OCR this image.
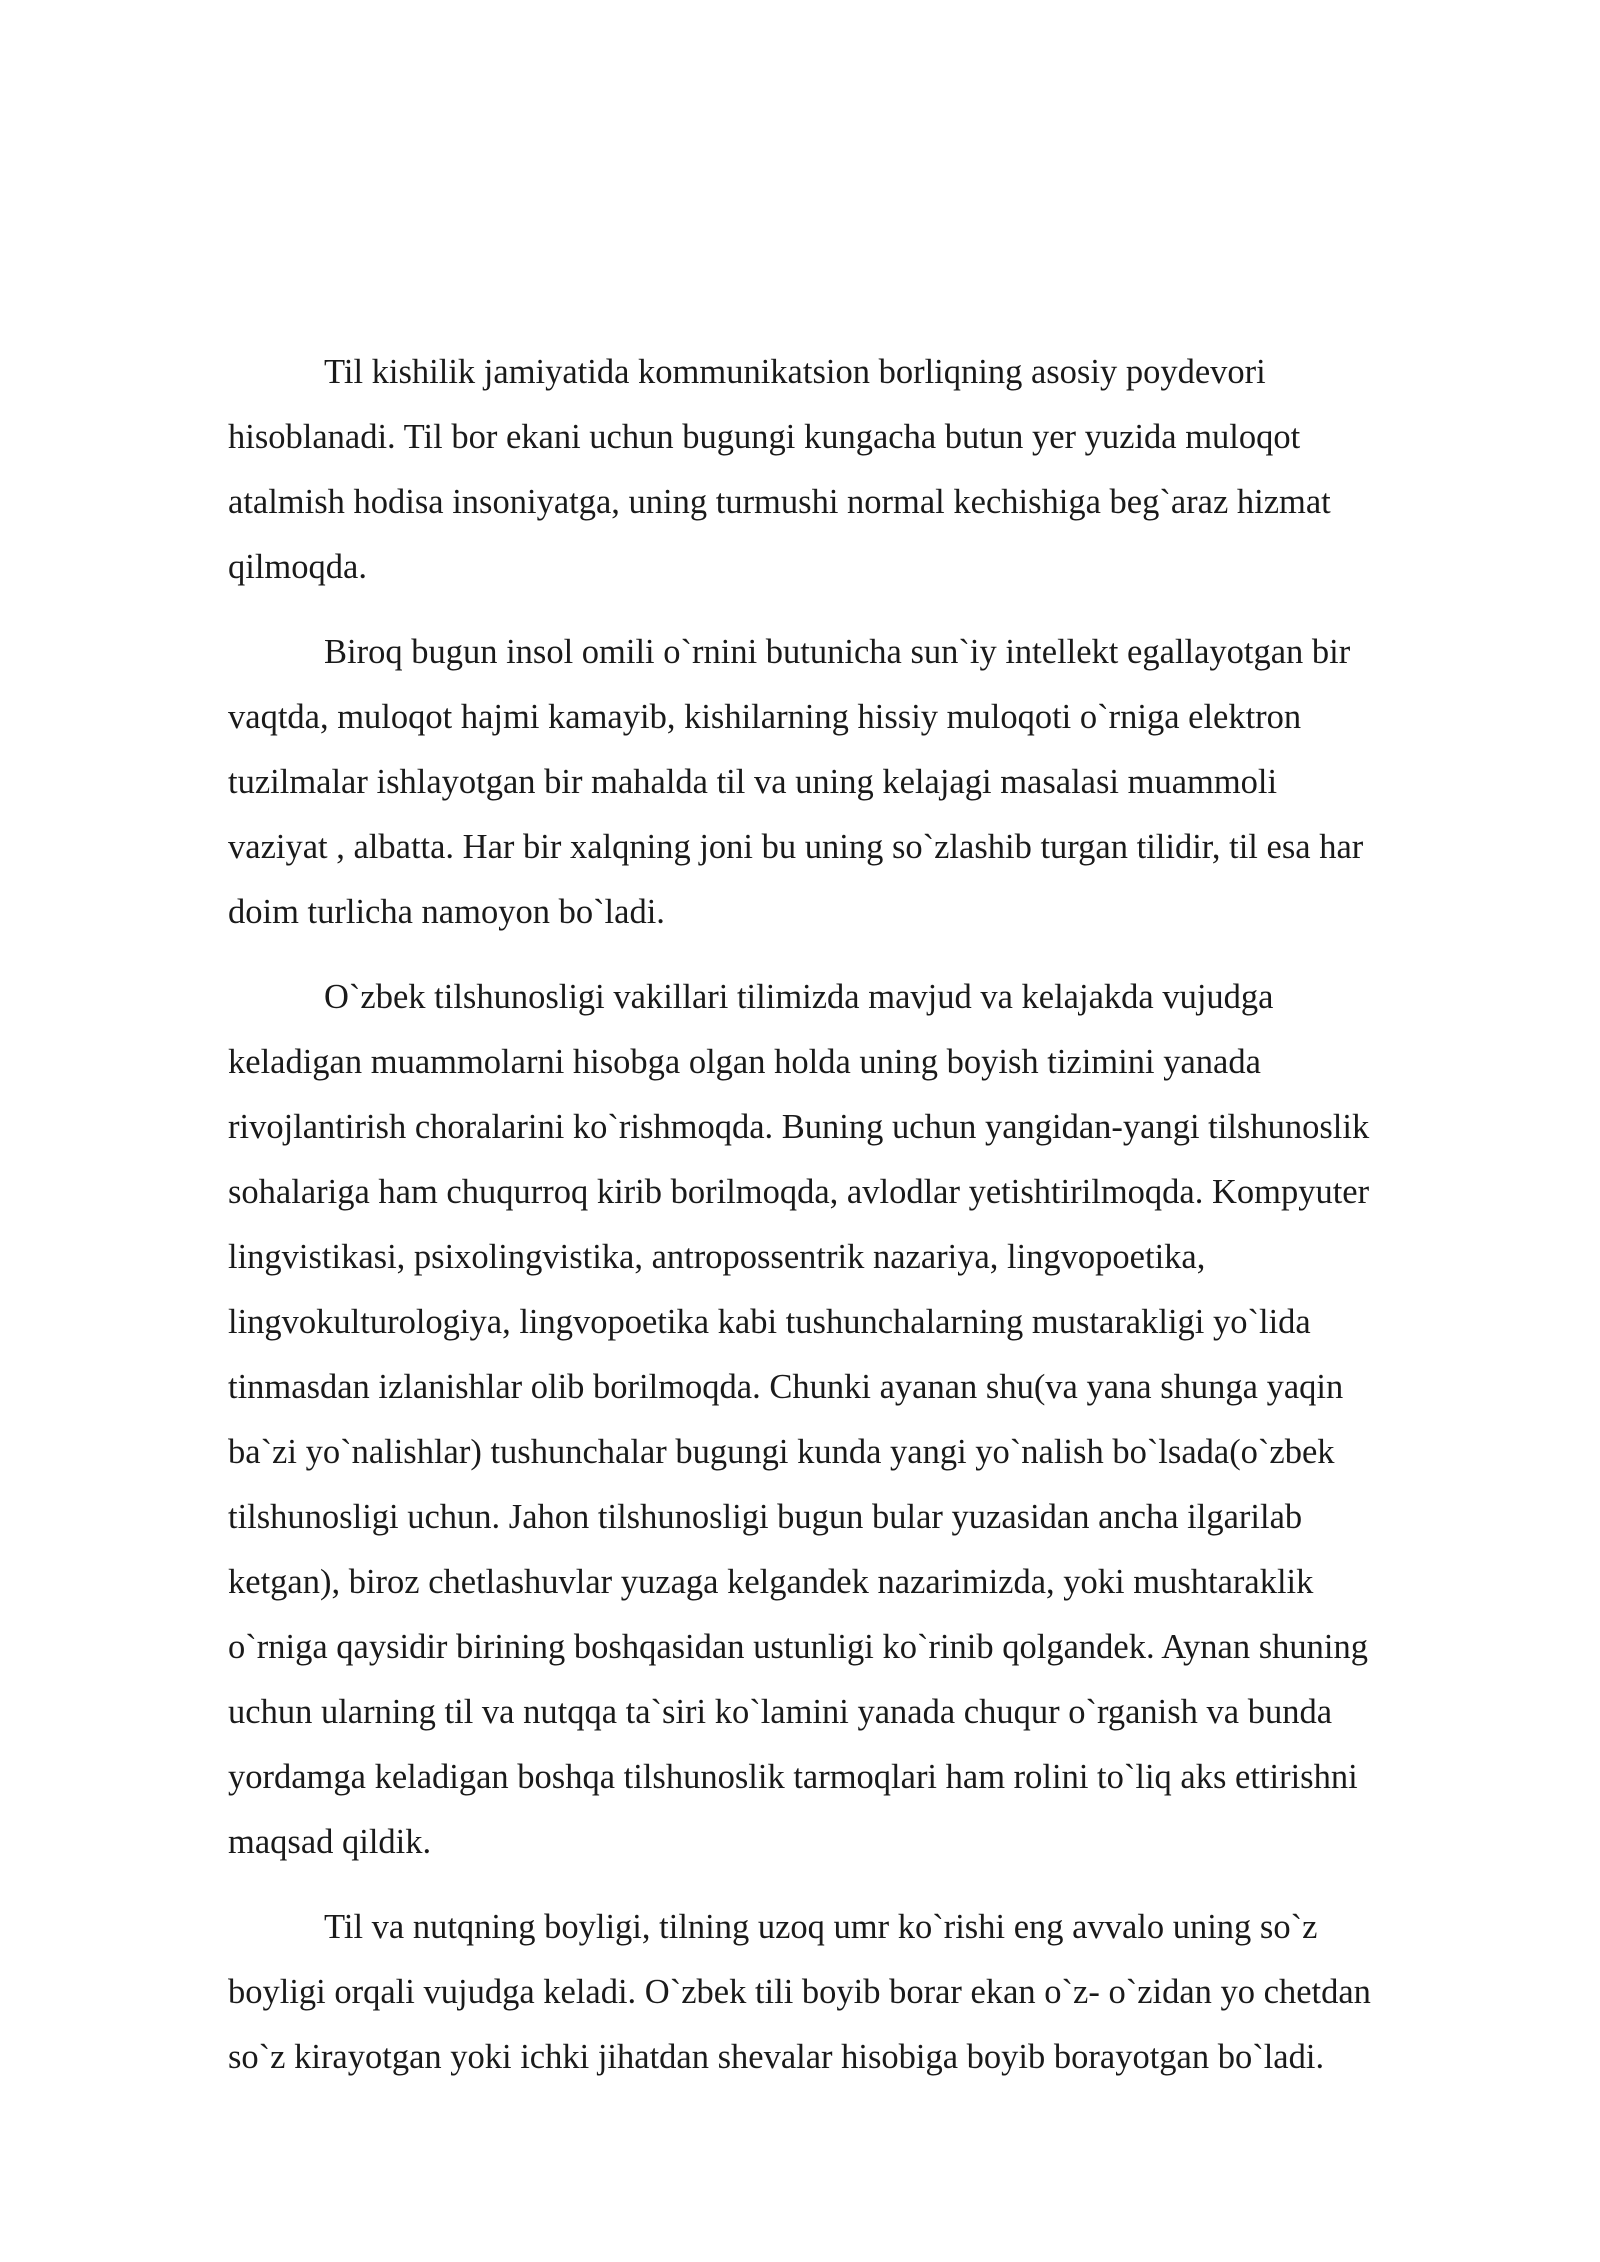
Til kishilik jamiyatida kommunikatsion borliqning asosiy poydevori
hisoblanadi. Til bor ekani uchun bugungi kungacha butun yer yuzida muloqot
atalmish hodisa insoniyatga, uning turmushi normal kechishiga beg`araz hizmat
qilmoqda.

Biroq bugun insol omili o`rnini butunicha sun`iy intellekt egallayotgan bir
vaqtda, muloqot hajmi kamayib, kishilarning hissiy muloqoti o`rniga elektron
tuzilmalar ishlayotgan bir mahalda til va uning kelajagi masalasi muammoli
vaziyat , albatta. Har bir xalqning joni bu uning so`zlashib turgan tilidir, til esa har
doim turlicha namoyon bo`ladi.

O`zbek tilshunosligi vakillari tilimizda mavjud va kelajakda vujudga
keladigan muammolarni hisobga olgan holda uning boyish tizimini yanada
rivojlantirish choralarini ko`rishmoqda. Buning uchun yangidan-yangi tilshunoslik
sohalariga ham chuqurroq kirib borilmoqda, avlodlar yetishtirilmoqda. Kompyuter
lingvistikasi, psixolingvistika, antropossentrik nazariya, lingvopoetika,
lingvokulturologiya, lingvopoetika kabi tushunchalarning mustarakligi yo`lida
tinmasdan izlanishlar olib borilmoqda. Chunki ayanan shu(va yana shunga yaqin
ba`zi yo`nalishlar) tushunchalar bugungi kunda yangi yo`nalish bo`lsada(o`zbek
tilshunosligi uchun. Jahon tilshunosligi bugun bular yuzasidan ancha ilgarilab
ketgan), biroz chetlashuvlar yuzaga kelgandek nazarimizda, yoki mushtaraklik
o`rniga qaysidir birining boshqasidan ustunligi ko`rinib qolgandek. Aynan shuning
uchun ularning til va nutqqa ta`siri ko`lamini yanada chuqur o`rganish va bunda
yordamga keladigan boshqa tilshunoslik tarmoqlari ham rolini to`liq aks ettirishni
maqsad qildik.

Til va nutqning boyligi, tilning uzoq umr ko`rishi eng avvalo uning so`z
boyligi orqali vujudga keladi. O`zbek tili boyib borar ekan o`z- o`zidan yo chetdan
so`z kirayotgan yoki ichki jihatdan shevalar hisobiga boyib borayotgan bo`ladi.
